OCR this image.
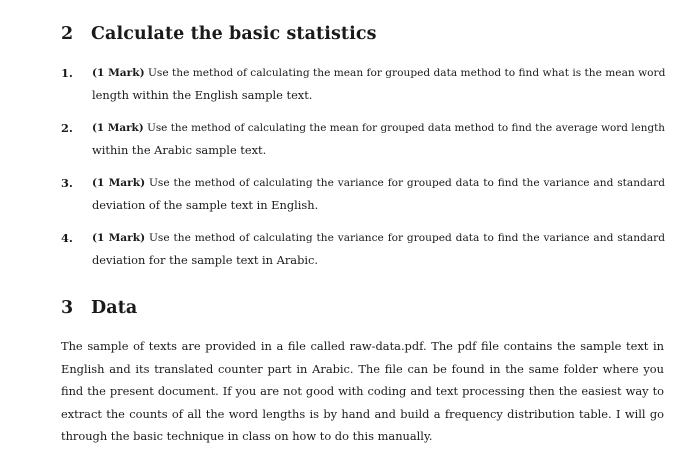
2 Calculate the basic statistics
1. (1 Mark) Use the method of calculating the mean for grouped data method to find what is the mean word
length within the English sample text.
2. (1 Mark) Use the method of calculating the mean for grouped data method to find the average word length
within the Arabic sample text.
3. (1 Mark) Use the method of calculating the variance for grouped data to find the variance and standard
deviation of the sample text in English.
4. (1 Mark) Use the method of calculating the variance for grouped data to find the variance and standard
deviation for the sample text in Arabic.
3 Data

The sample of texts are provided in a file called raw-data.pdf. The pdf file contains the sample text in English and its translated counter part in Arabic. The file can be found in the same folder where you find the present document. If you are not good with coding and text processing then the easiest way to extract the counts of all the word lengths is by hand and build a frequency distribution table. I will go through the basic technique in class on how to do this manually.
